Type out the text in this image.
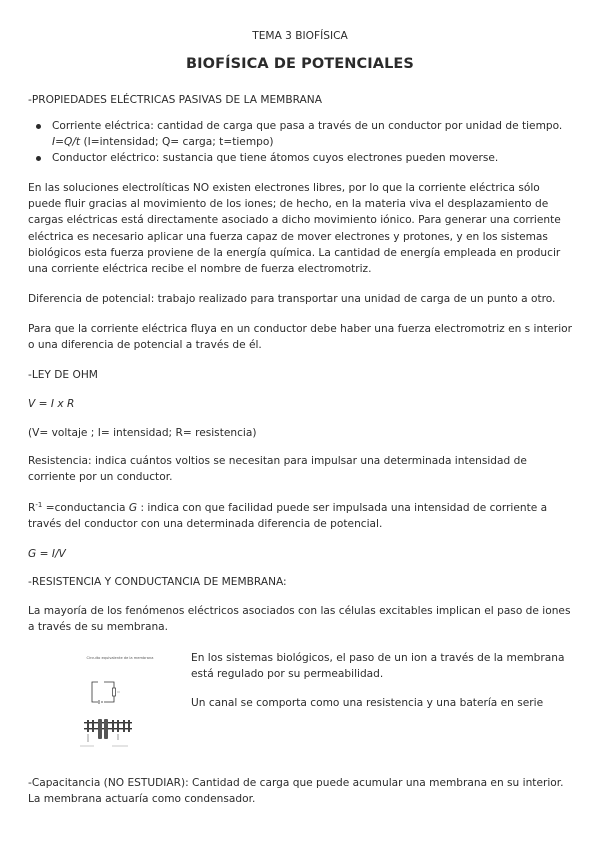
TEMA 3 BIOFÍSICA
BIOFÍSICA DE POTENCIALES

-PROPIEDADES ELÉCTRICAS PASIVAS DE LA MEMBRANA

Corriente eléctrica: cantidad de carga que pasa a través de un conductor por unidad de tiempo. I=Q/t (I=intensidad; Q= carga; t=tiempo)
Conductor eléctrico: sustancia que tiene átomos cuyos electrones pueden moverse.

En las soluciones electrolíticas NO existen electrones libres, por lo que la corriente eléctrica sólo puede fluir gracias al movimiento de los iones; de hecho, en la materia viva el desplazamiento de cargas eléctricas está directamente asociado a dicho movimiento iónico. Para generar una corriente eléctrica es necesario aplicar una fuerza capaz de mover electrones y protones, y en los sistemas biológicos esta fuerza proviene de la energía química. La cantidad de energía empleada en producir una corriente eléctrica recibe el nombre de fuerza electromotriz.

Diferencia de potencial: trabajo realizado para transportar una unidad de carga de un punto a otro.

Para que la corriente eléctrica fluya en un conductor debe haber una fuerza electromotriz en s interior o una diferencia de potencial a través de él.

-LEY DE OHM

V = I x R

(V= voltaje ; I= intensidad; R= resistencia)

Resistencia: indica cuántos voltios se necesitan para impulsar una determinada intensidad de corriente por un conductor.

$R^{-1}$ =conductancia G : indica con que facilidad puede ser impulsada una intensidad de corriente a través del conductor con una determinada diferencia de potencial.

G = I/V

-RESISTENCIA Y CONDUCTANCIA DE MEMBRANA:

La mayoría de los fenómenos eléctricos asociados con las células excitables implican el paso de iones a través de su membrana.

Circuito equivalente de la membrana	En los sistemas biológicos, el paso de un ion a través de la membrana está regulado por su permeabilidad.

Un canal se comporta como una resistencia y una batería en serie

-Capacitancia (NO ESTUDIAR): Cantidad de carga que puede acumular una membrana en su interior. La membrana actuaría como condensador.
